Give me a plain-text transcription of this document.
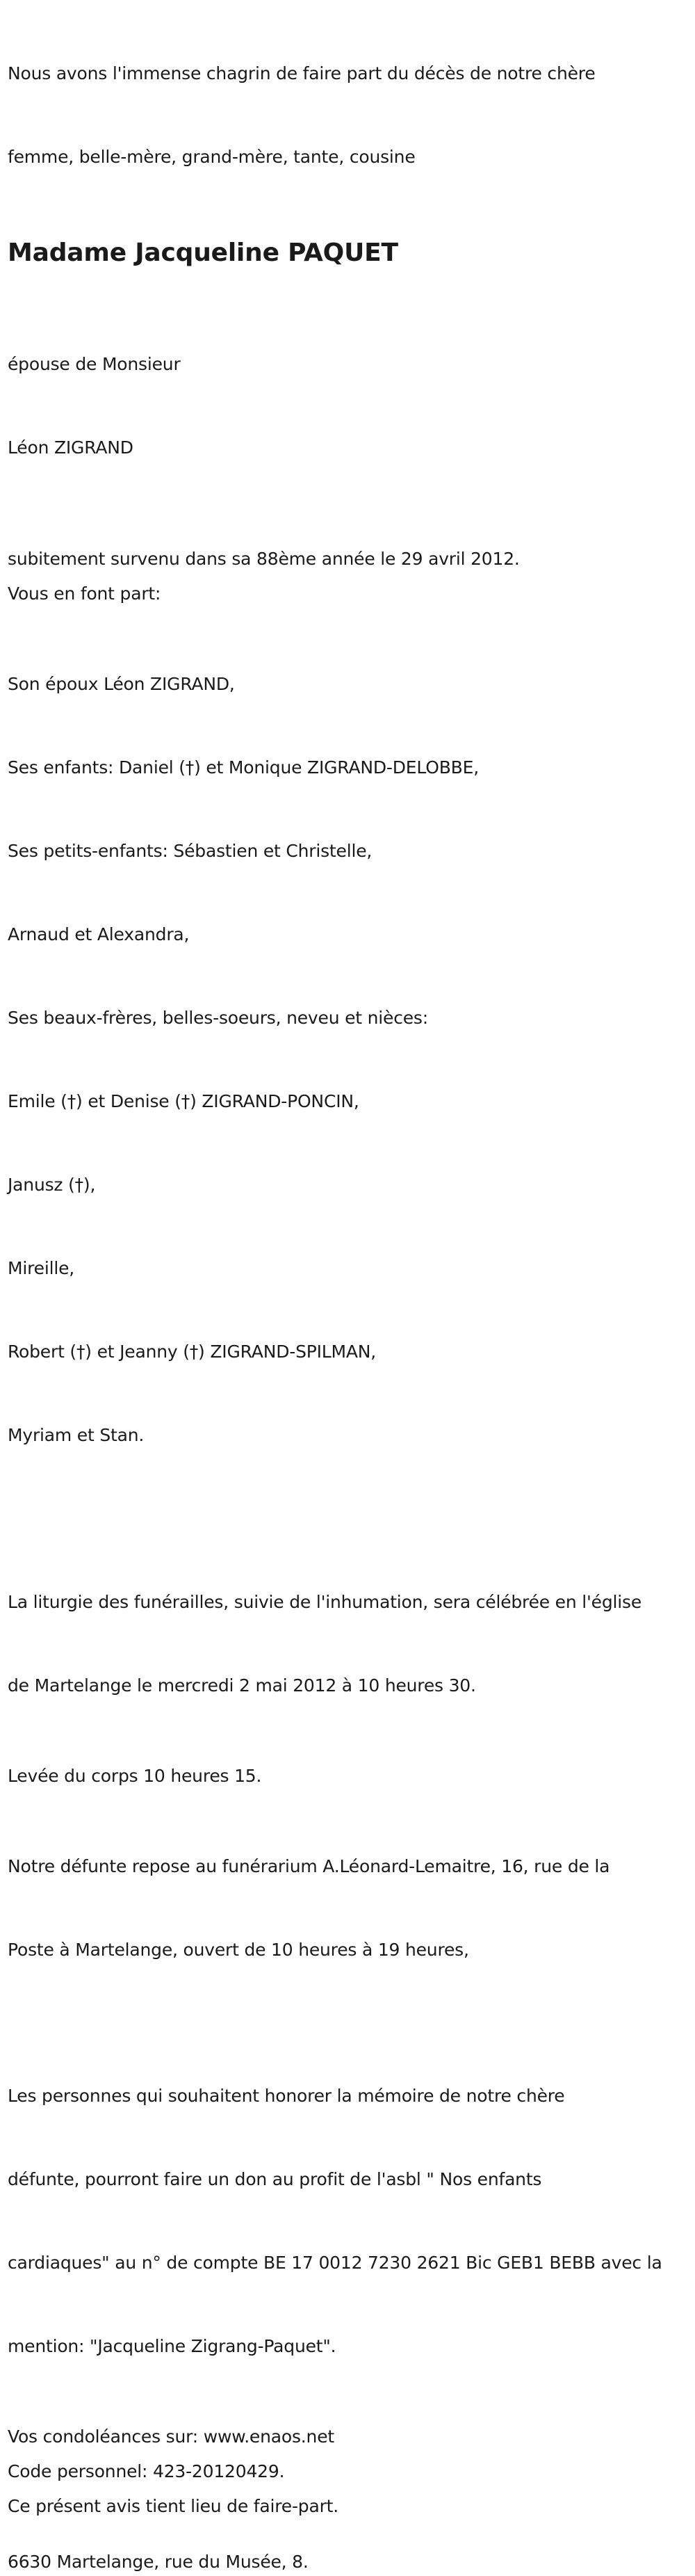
Nous avons l'immense chagrin de faire part du décès de notre chère

femme, belle-mère, grand-mère, tante, cousine

Madame Jacqueline PAQUET

épouse de Monsieur

Léon ZIGRAND

subitement survenu dans sa 88ème année le 29 avril 2012.

Vous en font part:

Son époux Léon ZIGRAND,

Ses enfants: Daniel (†) et Monique ZIGRAND-DELOBBE,

Ses petits-enfants: Sébastien et Christelle,

Arnaud et Alexandra,

Ses beaux-frères, belles-soeurs, neveu et nièces:

Emile (†) et Denise (†) ZIGRAND-PONCIN,

Janusz (†),

Mireille,

Robert (†) et Jeanny (†) ZIGRAND-SPILMAN,

Myriam et Stan.

La liturgie des funérailles, suivie de l'inhumation, sera célébrée en l'église

de Martelange le mercredi 2 mai 2012 à 10 heures 30.

Levée du corps 10 heures 15.

Notre défunte repose au funérarium A.Léonard-Lemaitre, 16, rue de la

Poste à Martelange, ouvert de 10 heures à 19 heures,

Les personnes qui souhaitent honorer la mémoire de notre chère

défunte, pourront faire un don au profit de l'asbl " Nos enfants

cardiaques" au n° de compte BE 17 0012 7230 2621 Bic GEB1 BEBB avec la

mention: "Jacqueline Zigrang-Paquet".

Vos condoléances sur: www.enaos.net

Code personnel: 423-20120429.

Ce présent avis tient lieu de faire-part.

6630 Martelange, rue du Musée, 8.
